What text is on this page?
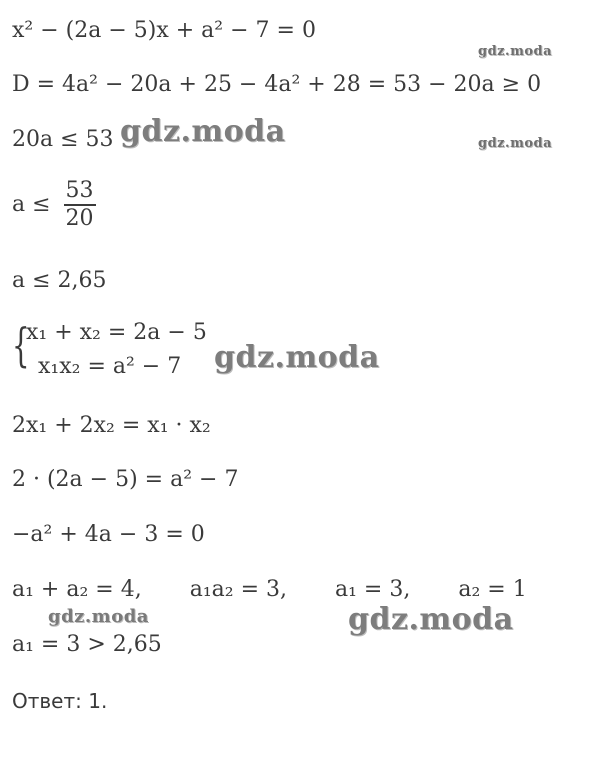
x² − (2a − 5)x + a² − 7 = 0
gdz.moda
D = 4a² − 20a + 25 − 4a² + 28 = 53 − 20a ≥ 0
20a ≤ 53 gdz.moda	gdz.moda
$a \le \frac{53}{20}$
a ≤ 2,65
{
x₁ + x₂ = 2a − 5
x₁x₂ = a² − 7 gdz.moda
2x₁ + 2x₂ = x₁ · x₂
2 · (2a − 5) = a² − 7
−a² + 4a − 3 = 0
a₁ + a₂ = 4, a₁a₂ = 3, a₁ = 3, a₂ = 1
gdz.moda	gdz.moda
a₁ = 3 > 2,65
Ответ: 1.
